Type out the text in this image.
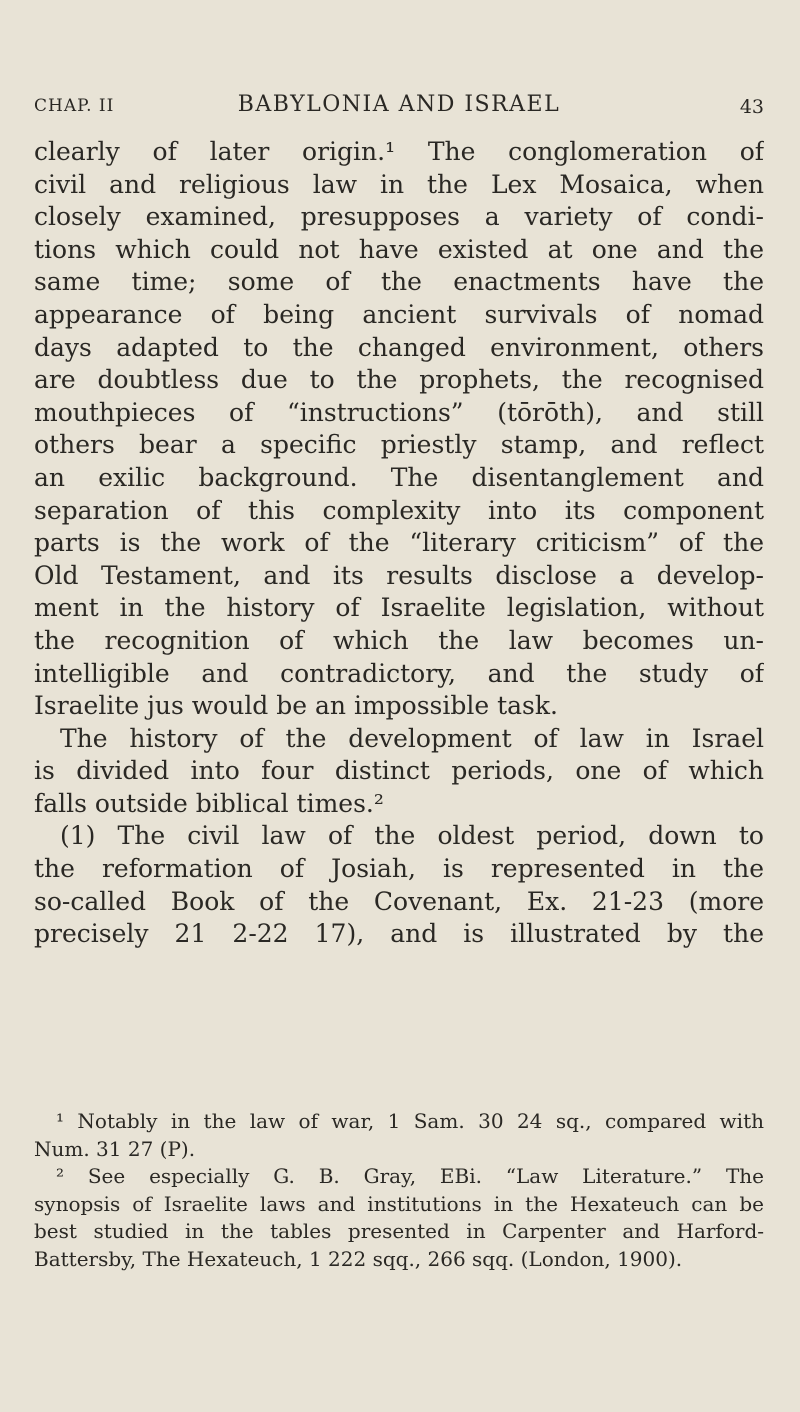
CHAP. II	BABYLONIA AND ISRAEL	43
clearly of later origin.¹ The conglomeration of
civil and religious law in the Lex Mosaica, when
closely examined, presupposes a variety of condi-
tions which could not have existed at one and the
same time; some of the enactments have the
appearance of being ancient survivals of nomad
days adapted to the changed environment, others
are doubtless due to the prophets, the recognised
mouthpieces of “instructions” (tōrōth), and still
others bear a specific priestly stamp, and reflect
an exilic background. The disentanglement and
separation of this complexity into its component
parts is the work of the “literary criticism” of the
Old Testament, and its results disclose a develop-
ment in the history of Israelite legislation, without
the recognition of which the law becomes un-
intelligible and contradictory, and the study of
Israelite jus would be an impossible task.
The history of the development of law in Israel
is divided into four distinct periods, one of which
falls outside biblical times.²
(1) The civil law of the oldest period, down to
the reformation of Josiah, is represented in the
so-called Book of the Covenant, Ex. 21-23 (more
precisely 21 2-22 17), and is illustrated by the
¹ Notably in the law of war, 1 Sam. 30 24 sq., compared with
Num. 31 27 (P).
² See especially G. B. Gray, EBi. “Law Literature.” The
synopsis of Israelite laws and institutions in the Hexateuch can be
best studied in the tables presented in Carpenter and Harford-
Battersby, The Hexateuch, 1 222 sqq., 266 sqq. (London, 1900).
